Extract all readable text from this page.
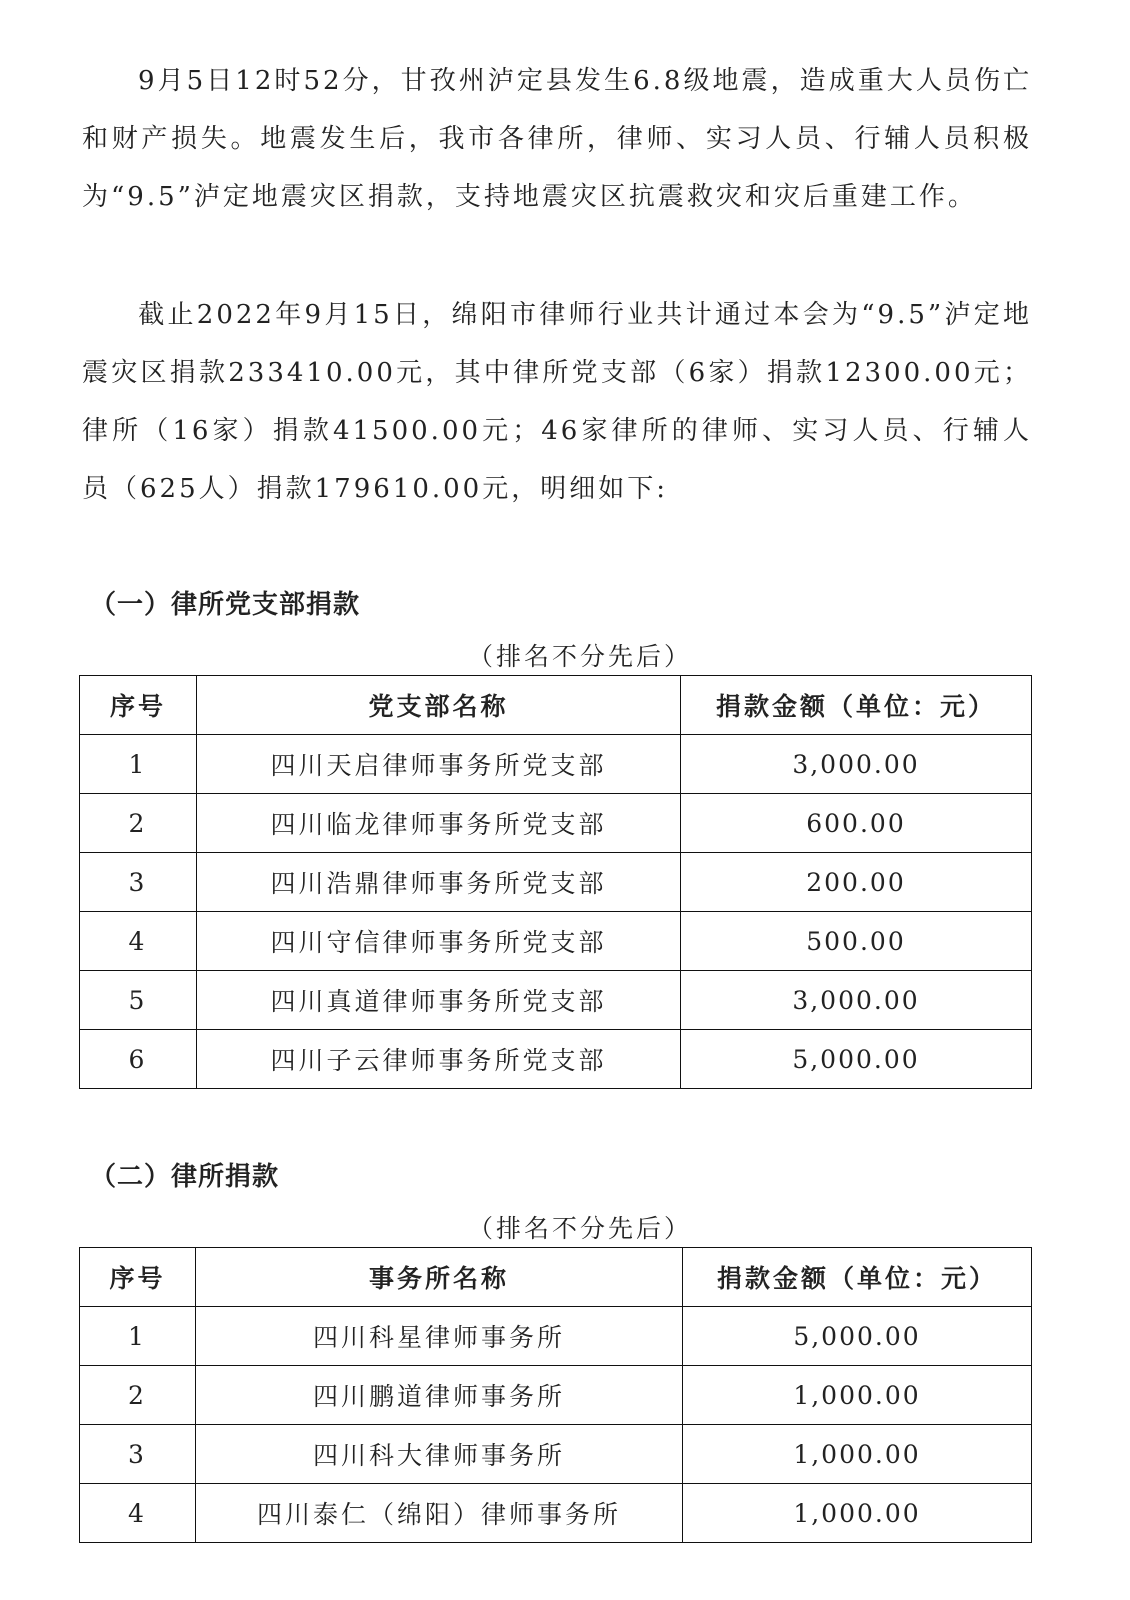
9月5日12时52分，甘孜州泸定县发生6.8级地震，造成重大人员伤亡和财产损失。地震发生后，我市各律所，律师、实习人员、行辅人员积极为“9.5”泸定地震灾区捐款，支持地震灾区抗震救灾和灾后重建工作。

截止2022年9月15日，绵阳市律师行业共计通过本会为“9.5”泸定地震灾区捐款233410.00元，其中律所党支部（6家）捐款12300.00元；律所（16家）捐款41500.00元；46家律所的律师、实习人员、行辅人员（625人）捐款179610.00元，明细如下:

（一）律所党支部捐款

（排名不分先后）

序号	党支部名称	捐款金额（单位：元）
1	四川天启律师事务所党支部	3,000.00
2	四川临龙律师事务所党支部	600.00
3	四川浩鼎律师事务所党支部	200.00
4	四川守信律师事务所党支部	500.00
5	四川真道律师事务所党支部	3,000.00
6	四川子云律师事务所党支部	5,000.00
（二）律所捐款

（排名不分先后）

序号	事务所名称	捐款金额（单位：元）
1	四川科星律师事务所	5,000.00
2	四川鹏道律师事务所	1,000.00
3	四川科大律师事务所	1,000.00
4	四川泰仁（绵阳）律师事务所	1,000.00
